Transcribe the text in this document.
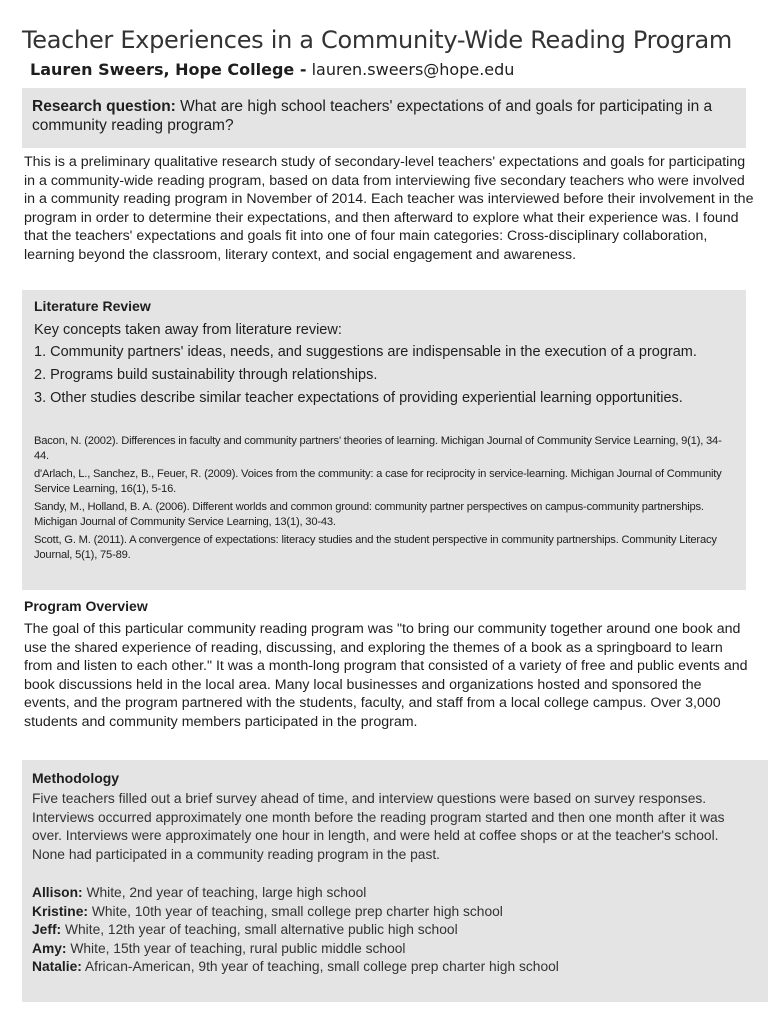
Teacher Experiences in a Community-Wide Reading Program
Lauren Sweers, Hope College - lauren.sweers@hope.edu

Research question: What are high school teachers' expectations of and goals for participating in a community reading program?

This is a preliminary qualitative research study of secondary-level teachers' expectations and goals for participating in a community-wide reading program, based on data from interviewing five secondary teachers who were involved in a community reading program in November of 2014. Each teacher was interviewed before their involvement in the program in order to determine their expectations, and then afterward to explore what their experience was. I found that the teachers' expectations and goals fit into one of four main categories: Cross-disciplinary collaboration, learning beyond the classroom, literary context, and social engagement and awareness.

Literature Review
Key concepts taken away from literature review:
1. Community partners' ideas, needs, and suggestions are indispensable in the execution of a program.
2. Programs build sustainability through relationships.
3. Other studies describe similar teacher expectations of providing experiential learning opportunities.
Bacon, N. (2002). Differences in faculty and community partners' theories of learning. Michigan Journal of Community Service Learning, 9(1), 34-44.
d'Arlach, L., Sanchez, B., Feuer, R. (2009). Voices from the community: a case for reciprocity in service-learning. Michigan Journal of Community Service Learning, 16(1), 5-16.
Sandy, M., Holland, B. A. (2006). Different worlds and common ground: community partner perspectives on campus-community partnerships. Michigan Journal of Community Service Learning, 13(1), 30-43.
Scott, G. M. (2011). A convergence of expectations: literacy studies and the student perspective in community partnerships. Community Literacy Journal, 5(1), 75-89.
Program Overview

The goal of this particular community reading program was "to bring our community together around one book and use the shared experience of reading, discussing, and exploring the themes of a book as a springboard to learn from and listen to each other." It was a month-long program that consisted of a variety of free and public events and book discussions held in the local area. Many local businesses and organizations hosted and sponsored the events, and the program partnered with the students, faculty, and staff from a local college campus. Over 3,000 students and community members participated in the program.

Methodology

Five teachers filled out a brief survey ahead of time, and interview questions were based on survey responses. Interviews occurred approximately one month before the reading program started and then one month after it was over. Interviews were approximately one hour in length, and were held at coffee shops or at the teacher's school. None had participated in a community reading program in the past.

Allison: White, 2nd year of teaching, large high school
Kristine: White, 10th year of teaching, small college prep charter high school
Jeff: White, 12th year of teaching, small alternative public high school
Amy: White, 15th year of teaching, rural public middle school
Natalie: African-American, 9th year of teaching, small college prep charter high school
